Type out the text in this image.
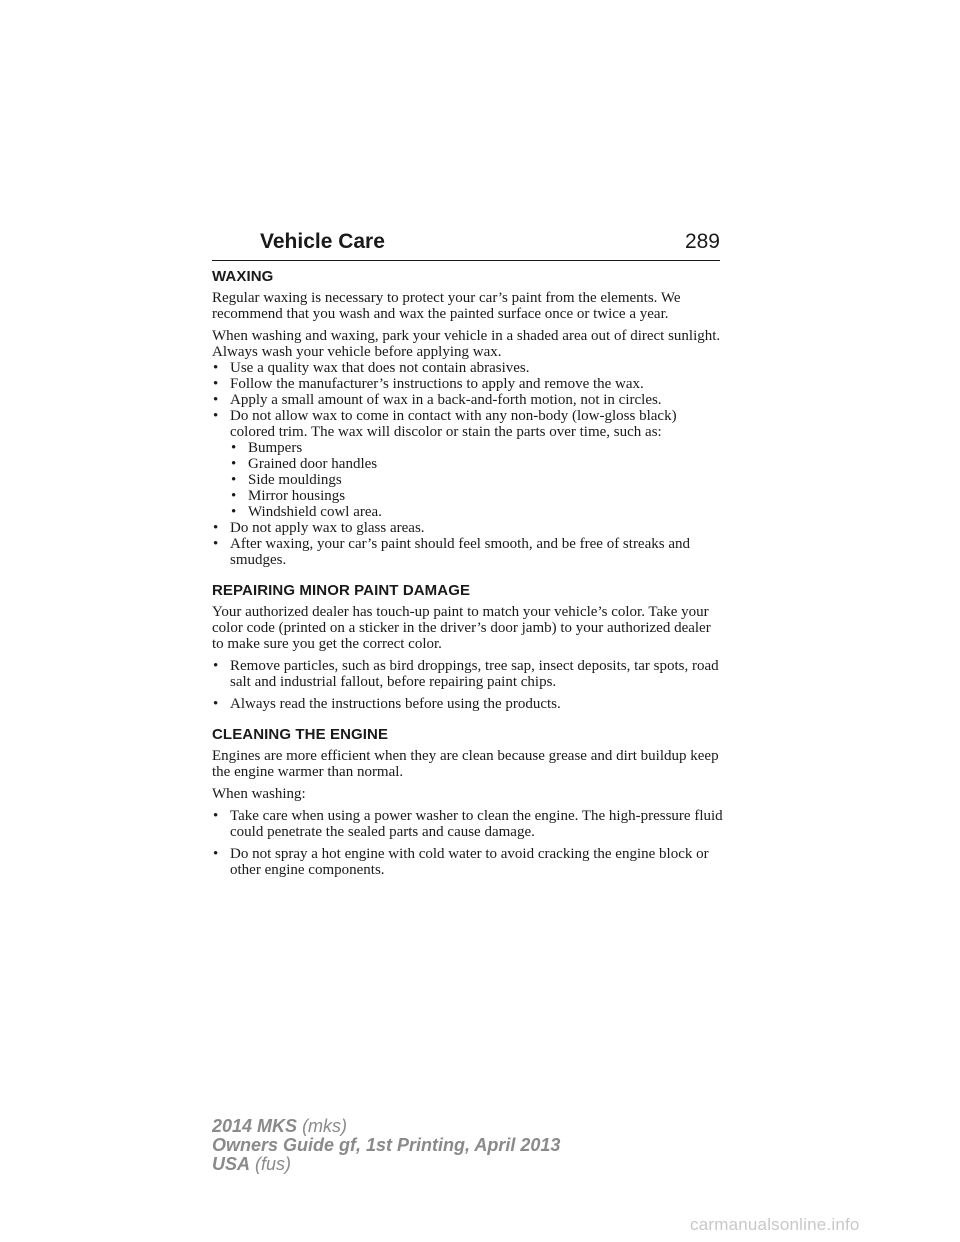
Vehicle Care	289
WAXING

Regular waxing is necessary to protect your car’s paint from the elements. We recommend that you wash and wax the painted surface once or twice a year.

When washing and waxing, park your vehicle in a shaded area out of direct sunlight. Always wash your vehicle before applying wax.

• Use a quality wax that does not contain abrasives.
• Follow the manufacturer’s instructions to apply and remove the wax.
• Apply a small amount of wax in a back-and-forth motion, not in circles.
• Do not allow wax to come in contact with any non-body (low-gloss black) colored trim. The wax will discolor or stain the parts over time, such as:
• Bumpers
• Grained door handles
• Side mouldings
• Mirror housings
• Windshield cowl area.
• Do not apply wax to glass areas.
• After waxing, your car’s paint should feel smooth, and be free of streaks and smudges.
REPAIRING MINOR PAINT DAMAGE

Your authorized dealer has touch-up paint to match your vehicle’s color. Take your color code (printed on a sticker in the driver’s door jamb) to your authorized dealer to make sure you get the correct color.

• Remove particles, such as bird droppings, tree sap, insect deposits, tar spots, road salt and industrial fallout, before repairing paint chips.
• Always read the instructions before using the products.
CLEANING THE ENGINE

Engines are more efficient when they are clean because grease and dirt buildup keep the engine warmer than normal.

When washing:

• Take care when using a power washer to clean the engine. The high-pressure fluid could penetrate the sealed parts and cause damage.
• Do not spray a hot engine with cold water to avoid cracking the engine block or other engine components.
2014 MKS (mks)
Owners Guide gf, 1st Printing, April 2013
USA (fus)
carmanualsonline.info
